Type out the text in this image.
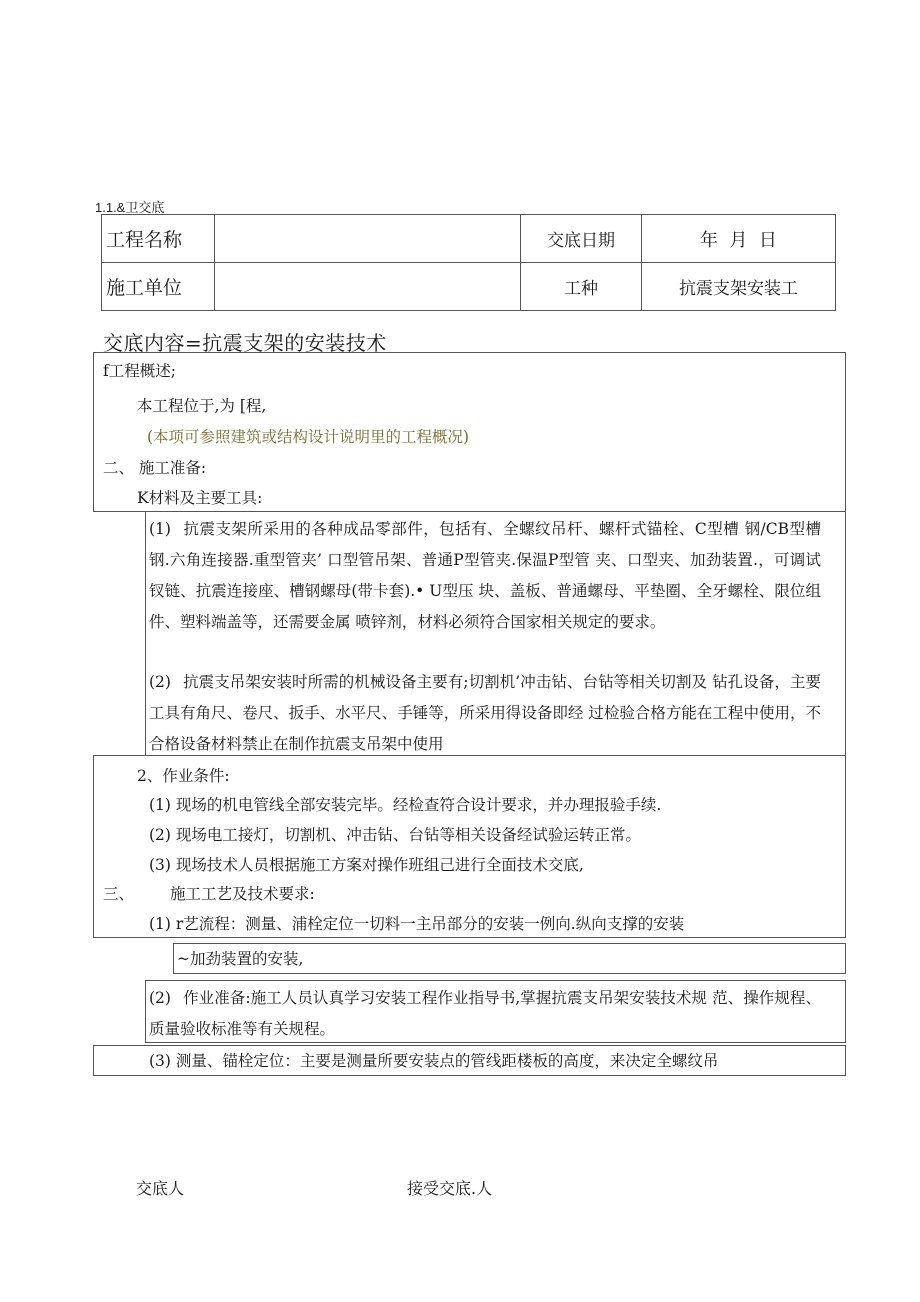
1.1.&卫交底
工程名称		交底日期	年  月  日
施工单位		工种	抗震支架安装工
交底内容=抗震支架的安装技术
f工程概述;
本工程位于,为 [程,
(本项可参照建筑或结构设计说明里的工程概况)
二、 施工准备:
K材料及主要工具:
(1) 抗震支架所采用的各种成品零部件，包括有、全螺纹吊杆、螺杆式锚栓、C型槽 钢/CB型槽钢.六角连接器.重型管夹’ 口型管吊架、普通P型管夹.保温P型管 夹、口型夹、加劲装置.，可调试钗链、抗震连接座、槽钢螺母(带卡套).• U型压 块、盖板、普通螺母、平垫圈、全牙螺栓、限位组件、塑料端盖等，还需要金属 喷锌剂，材料必须符合国家相关规定的要求。
(2) 抗震支吊架安装时所需的机械设备主要有;切割机’冲击钻、台钻等相关切割及 钻孔设备，主要工具有角尺、卷尺、扳手、水平尺、手锤等，所采用得设备即经 过检验合格方能在工程中使用，不合格设备材料禁止在制作抗震支吊架中使用
2、作业条件:
(1) 现场的机电管线全部安装完毕。经检查符合设计要求，并办理报验手续.
(2) 现场电工接灯，切割机、冲击钻、台钻等相关设备经试验运转正常。
(3) 现场技术人员根据施工方案对操作班组己进行全面技术交底,
三、 施工工艺及技术要求:
(1) r艺流程：测量、浦栓定位一切料一主吊部分的安装一例向.纵向支撑的安装
~加劲装置的安装,
(2) 作业准备:施工人员认真学习安装工程作业指导书,掌握抗震支吊架安装技术规 范、操作规程、质量验收标准等有关规程。
(3) 测量、锚栓定位：主要是测量所要安装点的管线距楼板的高度，来决定全螺纹吊
交底人	接受交底.人
